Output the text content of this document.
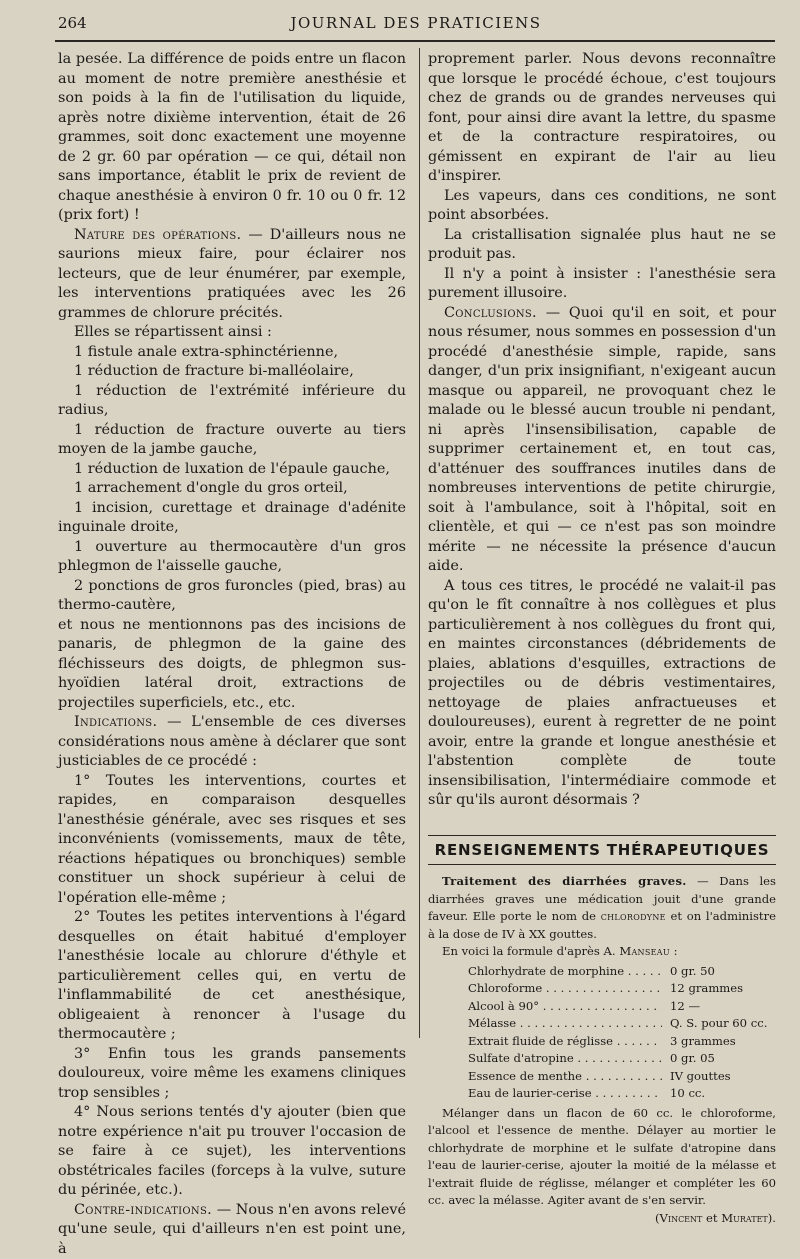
264	JOURNAL DES PRATICIENS

la pesée. La différence de poids entre un flacon au moment de notre première anesthésie et son poids à la fin de l'utilisation du liquide, après notre dixième intervention, était de 26 grammes, soit donc exactement une moyenne de 2 gr. 60 par opération — ce qui, détail non sans importance, établit le prix de revient de chaque anesthésie à environ 0 fr. 10 ou 0 fr. 12 (prix fort) !

Nature des opérations. — D'ailleurs nous ne saurions mieux faire, pour éclairer nos lecteurs, que de leur énumérer, par exemple, les interventions pratiquées avec les 26 grammes de chlorure précités.

Elles se répartissent ainsi :

1 fistule anale extra-sphinctérienne,

1 réduction de fracture bi-malléolaire,

1 réduction de l'extrémité inférieure du radius,

1 réduction de fracture ouverte au tiers moyen de la jambe gauche,

1 réduction de luxation de l'épaule gauche,

1 arrachement d'ongle du gros orteil,

1 incision, curettage et drainage d'adénite inguinale droite,

1 ouverture au thermocautère d'un gros phlegmon de l'aisselle gauche,

2 ponctions de gros furoncles (pied, bras) au thermo-cautère,

et nous ne mentionnons pas des incisions de panaris, de phlegmon de la gaine des fléchisseurs des doigts, de phlegmon sus-hyoïdien latéral droit, extractions de projectiles superficiels, etc., etc.

Indications. — L'ensemble de ces diverses considérations nous amène à déclarer que sont justiciables de ce procédé :

1° Toutes les interventions, courtes et rapides, en comparaison desquelles l'anesthésie générale, avec ses risques et ses inconvénients (vomissements, maux de tête, réactions hépatiques ou bronchiques) semble constituer un shock supérieur à celui de l'opération elle-même ;

2° Toutes les petites interventions à l'égard desquelles on était habitué d'employer l'anesthésie locale au chlorure d'éthyle et particulièrement celles qui, en vertu de l'inflammabilité de cet anesthésique, obligeaient à renoncer à l'usage du thermocautère ;

3° Enfin tous les grands pansements douloureux, voire même les examens cliniques trop sensibles ;

4° Nous serions tentés d'y ajouter (bien que notre expérience n'ait pu trouver l'occasion de se faire à ce sujet), les interventions obstétricales faciles (forceps à la vulve, suture du périnée, etc.).

Contre-indications. — Nous n'en avons relevé qu'une seule, qui d'ailleurs n'en est point une, à

proprement parler. Nous devons reconnaître que lorsque le procédé échoue, c'est toujours chez de grands ou de grandes nerveuses qui font, pour ainsi dire avant la lettre, du spasme et de la contracture respiratoires, ou gémissent en expirant de l'air au lieu d'inspirer.

Les vapeurs, dans ces conditions, ne sont point absorbées.

La cristallisation signalée plus haut ne se produit pas.

Il n'y a point à insister : l'anesthésie sera purement illusoire.

Conclusions. — Quoi qu'il en soit, et pour nous résumer, nous sommes en possession d'un procédé d'anesthésie simple, rapide, sans danger, d'un prix insignifiant, n'exigeant aucun masque ou appareil, ne provoquant chez le malade ou le blessé aucun trouble ni pendant, ni après l'insensibilisation, capable de supprimer certainement et, en tout cas, d'atténuer des souffrances inutiles dans de nombreuses interventions de petite chirurgie, soit à l'ambulance, soit à l'hôpital, soit en clientèle, et qui — ce n'est pas son moindre mérite — ne nécessite la présence d'aucun aide.

A tous ces titres, le procédé ne valait-il pas qu'on le fît connaître à nos collègues et plus particulièrement à nos collègues du front qui, en maintes circonstances (débridements de plaies, ablations d'esquilles, extractions de projectiles ou de débris vestimentaires, nettoyage de plaies anfractueuses et douloureuses), eurent à regretter de ne point avoir, entre la grande et longue anesthésie et l'abstention complète de toute insensibilisation, l'intermédiaire commode et sûr qu'ils auront désormais ?

RENSEIGNEMENTS THÉRAPEUTIQUES

Traitement des diarrhées graves. — Dans les diarrhées graves une médication jouit d'une grande faveur. Elle porte le nom de chlorodyne et on l'administre à la dose de IV à XX gouttes.

En voici la formule d'après A. Manseau :

Chlorhydrate de morphine . . .	0 gr. 50
Chloroforme . . .	12 grammes
Alcool à 90° . . .	12 —
Mélasse . . .	Q. S. pour 60 cc.
Extrait fluide de réglisse . . .	3 grammes
Sulfate d'atropine . . .	0 gr. 05
Essence de menthe . . .	IV gouttes
Eau de laurier-cerise . . .	10 cc.

Mélanger dans un flacon de 60 cc. le chloroforme, l'alcool et l'essence de menthe. Délayer au mortier le chlorhydrate de morphine et le sulfate d'atropine dans l'eau de laurier-cerise, ajouter la moitié de la mélasse et l'extrait fluide de réglisse, mélanger et compléter les 60 cc. avec la mélasse. Agiter avant de s'en servir.

(Vincent et Muratet).
